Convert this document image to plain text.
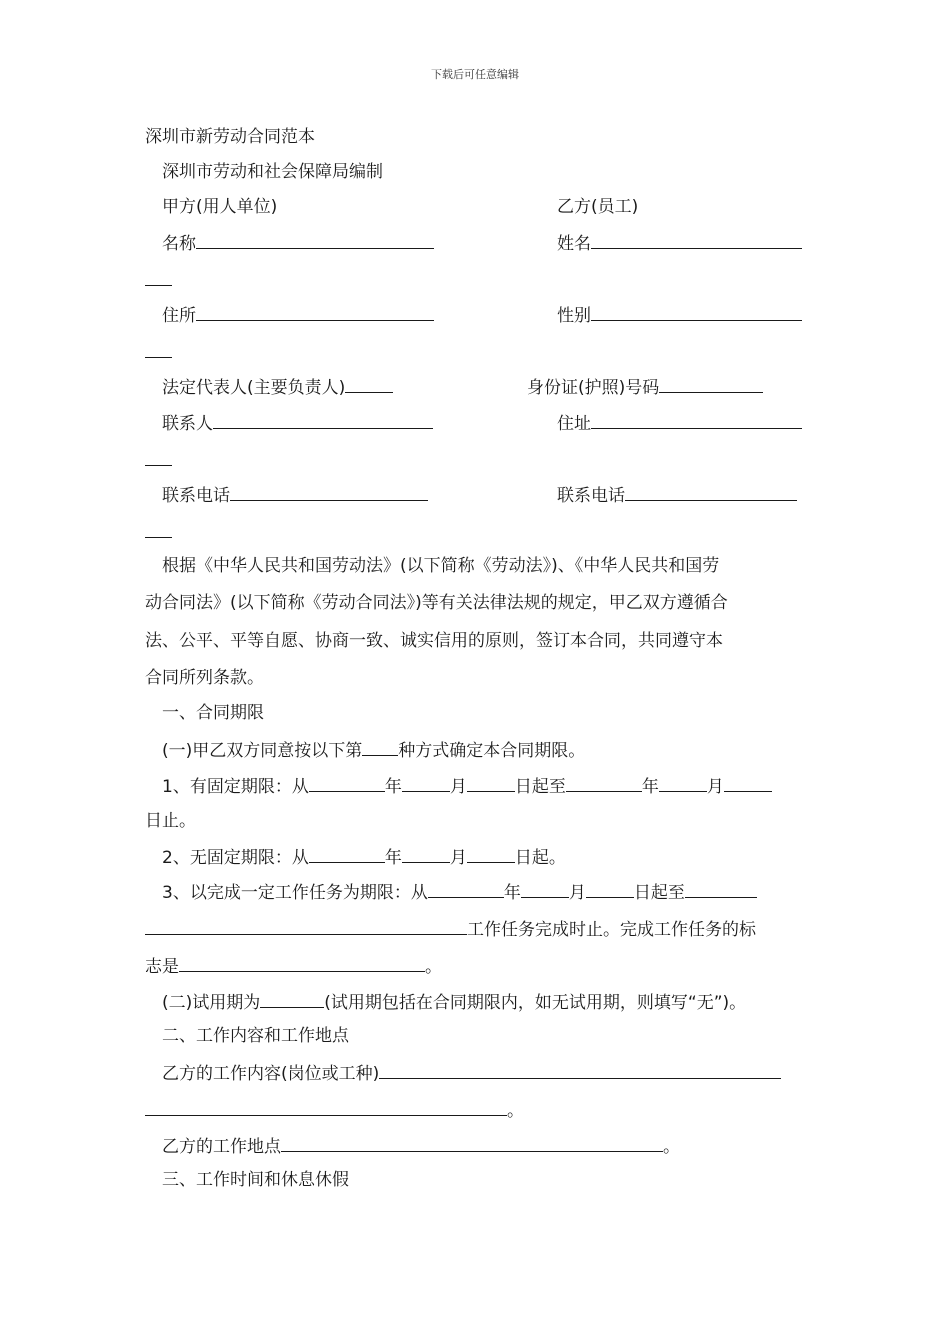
下载后可任意编辑
深圳市新劳动合同范本
深圳市劳动和社会保障局编制
甲方(用人单位)	乙方(员工)
名称	姓名
住所	性别
法定代表人(主要负责人)	身份证(护照)号码
联系人	住址
联系电话	联系电话
根据《中华人民共和国劳动法》(以下简称《劳动法》)、《中华人民共和国劳
动合同法》(以下简称《劳动合同法》)等有关法律法规的规定，甲乙双方遵循合
法、公平、平等自愿、协商一致、诚实信用的原则，签订本合同，共同遵守本
合同所列条款。
一、合同期限
(一)甲乙双方同意按以下第 种方式确定本合同期限。
1、有固定期限：从	年	月	日起至	年	月
日止。
2、无固定期限：从	年	月	日起。
3、以完成一定工作任务为期限：从	年	月	日起至
工作任务完成时止。完成工作任务的标
志是	。
(二)试用期为	(试用期包括在合同期限内，如无试用期，则填写“无”)。
二、工作内容和工作地点
乙方的工作内容(岗位或工种)
。
乙方的工作地点	。
三、工作时间和休息休假
